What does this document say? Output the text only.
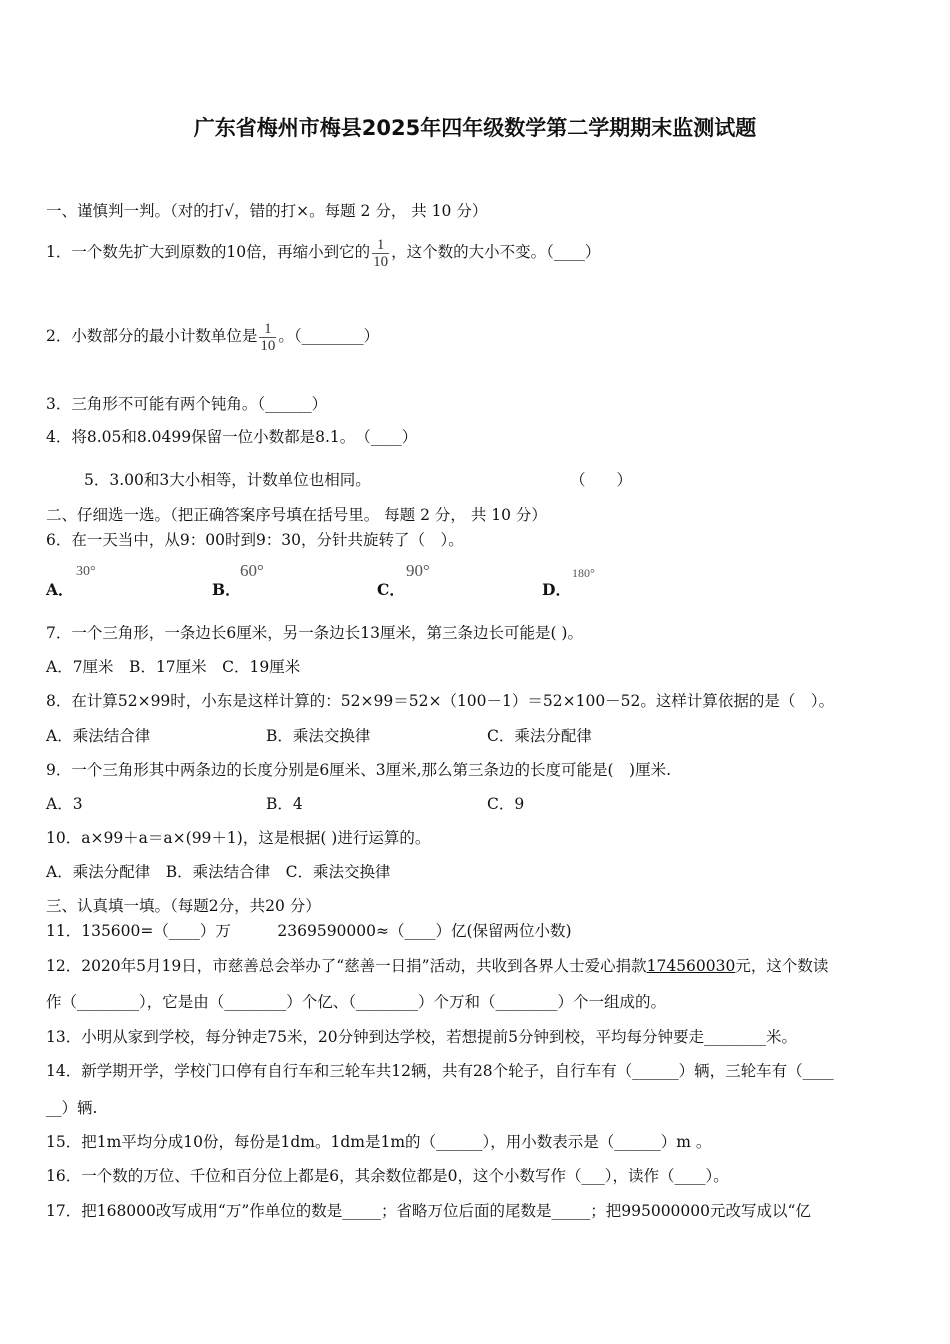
广东省梅州市梅县2025年四年级数学第二学期期末监测试题
一、谨慎判一判。（对的打√，错的打×。每题 2 分， 共 10 分）
1．一个数先扩大到原数的10倍，再缩小到它的 $\frac{1}{10}$ ，这个数的大小不变。（____）
2．小数部分的最小计数单位是 $\frac{1}{10}$ 。（________）
3．三角形不可能有两个钝角。（______）
4．将8.05和8.0499保留一位小数都是8.1。　（____）
5．3.00和3大小相等，计数单位也相同。	（　　）
二、仔细选一选。（把正确答案序号填在括号里。 每题 2 分， 共 10 分）
6．在一天当中，从9：00时到9：30，分针共旋转了（　）。
A．
30°
B．
60°
C．
90°
D．
180°
7．一个三角形，一条边长6厘米，另一条边长13厘米，第三条边长可能是( )。
A．7厘米　B．17厘米　C．19厘米
8．在计算52×99时，小东是这样计算的：52×99＝52×（100－1）＝52×100－52。这样计算依据的是（　）。
A．乘法结合律	B．乘法交换律	C．乘法分配律
9．一个三角形其中两条边的长度分别是6厘米、3厘米,那么第三条边的长度可能是(　)厘米.
A．3	B．4	C．9
10．a×99＋a＝a×(99＋1)，这是根据( )进行运算的。
A．乘法分配律　B．乘法结合律　C．乘法交换律
三、认真填一填。（每题2分，共20 分）
11．135600=（____）万　　　2369590000≈（____）亿(保留两位小数)
12．2020年5月19日，市慈善总会举办了“慈善一日捐”活动，共收到各界人士爱心捐款174560030元，这个数读
作（________），它是由（________）个亿、（________）个万和（________）个一组成的。
13．小明从家到学校，每分钟走75米，20分钟到达学校，若想提前5分钟到校，平均每分钟要走________米。
14．新学期开学，学校门口停有自行车和三轮车共12辆，共有28个轮子，自行车有（______）辆，三轮车有（____
__）辆.
15．把1m平均分成10份，每份是1dm。1dm是1m的（______），用小数表示是（______）m 。
16．一个数的万位、千位和百分位上都是6，其余数位都是0，这个小数写作（___），读作（____）。
17．把168000改写成用“万”作单位的数是_____；省略万位后面的尾数是_____；把995000000元改写成以“亿
